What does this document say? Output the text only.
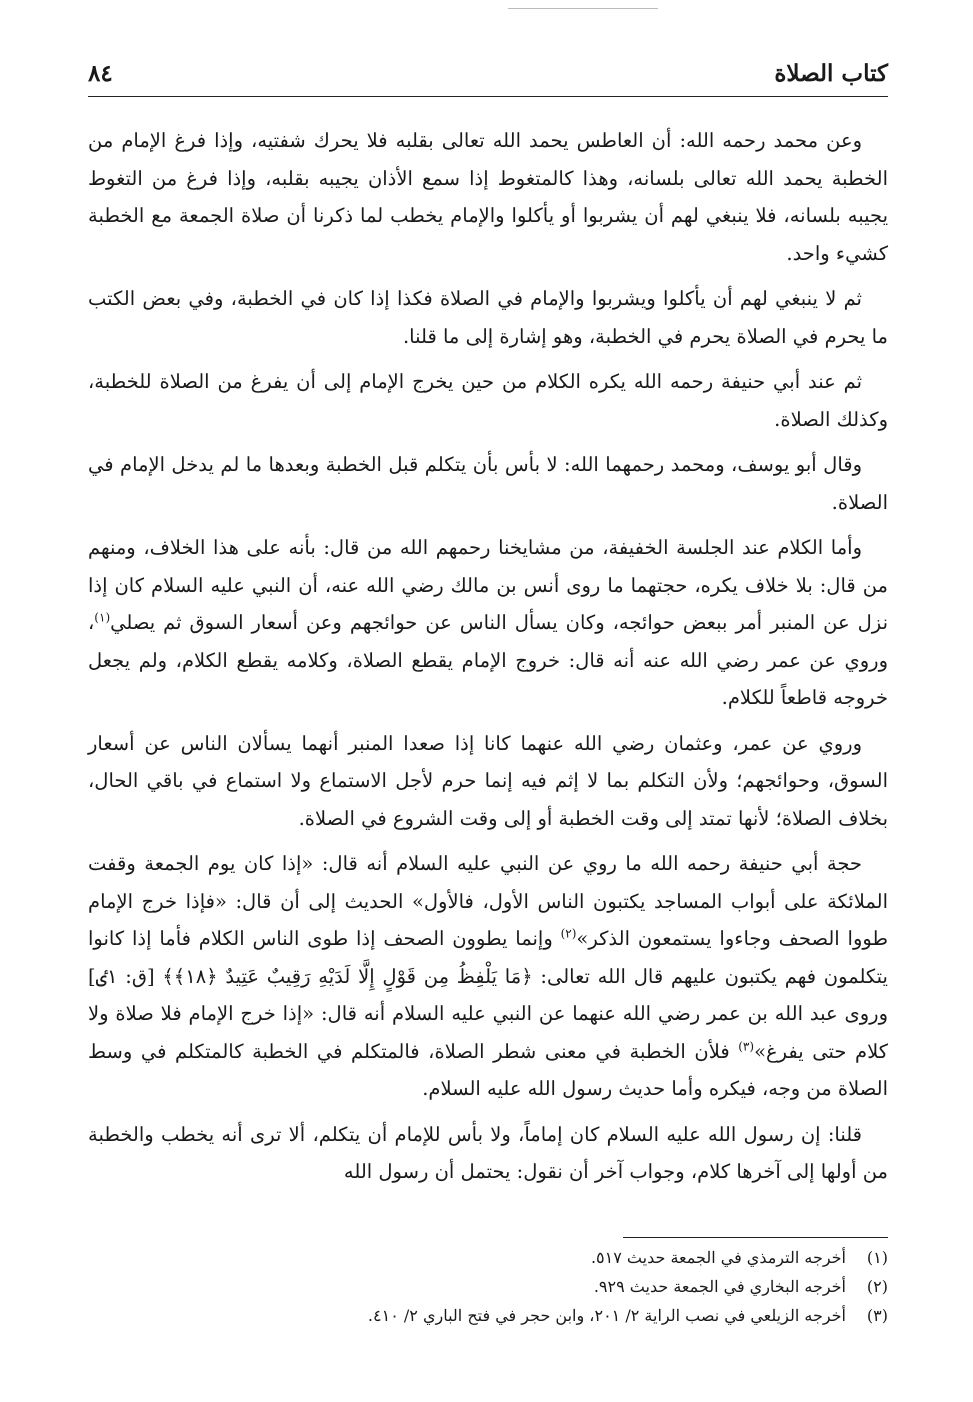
كتاب الصلاة
٨٤

وعن محمد رحمه الله: أن العاطس يحمد الله تعالى بقلبه فلا يحرك شفتيه، وإذا فرغ الإمام من الخطبة يحمد الله تعالى بلسانه، وهذا كالمتغوط إذا سمع الأذان يجيبه بقلبه، وإذا فرغ من التغوط يجيبه بلسانه، فلا ينبغي لهم أن يشربوا أو يأكلوا والإمام يخطب لما ذكرنا أن صلاة الجمعة مع الخطبة كشيء واحد.

ثم لا ينبغي لهم أن يأكلوا ويشربوا والإمام في الصلاة فكذا إذا كان في الخطبة، وفي بعض الكتب ما يحرم في الصلاة يحرم في الخطبة، وهو إشارة إلى ما قلنا.

ثم عند أبي حنيفة رحمه الله يكره الكلام من حين يخرج الإمام إلى أن يفرغ من الصلاة للخطبة، وكذلك الصلاة.

وقال أبو يوسف، ومحمد رحمهما الله: لا بأس بأن يتكلم قبل الخطبة وبعدها ما لم يدخل الإمام في الصلاة.

وأما الكلام عند الجلسة الخفيفة، من مشايخنا رحمهم الله من قال: بأنه على هذا الخلاف، ومنهم من قال: بلا خلاف يكره، حجتهما ما روى أنس بن مالك رضي الله عنه، أن النبي عليه السلام كان إذا نزل عن المنبر أمر ببعض حوائجه، وكان يسأل الناس عن حوائجهم وعن أسعار السوق ثم يصلي$^{(١)}$، وروي عن عمر رضي الله عنه أنه قال: خروج الإمام يقطع الصلاة، وكلامه يقطع الكلام، ولم يجعل خروجه قاطعاً للكلام.

وروي عن عمر، وعثمان رضي الله عنهما كانا إذا صعدا المنبر أنهما يسألان الناس عن أسعار السوق، وحوائجهم؛ ولأن التكلم بما لا إثم فيه إنما حرم لأجل الاستماع ولا استماع في باقي الحال، بخلاف الصلاة؛ لأنها تمتد إلى وقت الخطبة أو إلى وقت الشروع في الصلاة.

حجة أبي حنيفة رحمه الله ما روي عن النبي عليه السلام أنه قال: «إذا كان يوم الجمعة وقفت الملائكة على أبواب المساجد يكتبون الناس الأول، فالأول» الحديث إلى أن قال: «فإذا خرج الإمام طووا الصحف وجاءوا يستمعون الذكر»$^{(٢)}$ وإنما يطوون الصحف إذا طوى الناس الكلام فأما إذا كانوا يتكلمون فهم يكتبون عليهم قال الله تعالى: ﴿مَا يَلْفِظُ مِن قَوْلٍ إِلَّا لَدَيْهِ رَقِيبٌ عَتِيدٌ ﴿١٨﴾﴾ [ق: ١ٸ] وروى عبد الله بن عمر رضي الله عنهما عن النبي عليه السلام أنه قال: «إذا خرج الإمام فلا صلاة ولا كلام حتى يفرغ»$^{(٣)}$ فلأن الخطبة في معنى شطر الصلاة، فالمتكلم في الخطبة كالمتكلم في وسط الصلاة من وجه، فيكره وأما حديث رسول الله عليه السلام.

قلنا: إن رسول الله عليه السلام كان إماماً، ولا بأس للإمام أن يتكلم، ألا ترى أنه يخطب والخطبة من أولها إلى آخرها كلام، وجواب آخر أن نقول: يحتمل أن رسول الله

(١)
أخرجه الترمذي في الجمعة حديث ٥١٧.
(٢)
أخرجه البخاري في الجمعة حديث ٩٢٩.
(٣)
أخرجه الزيلعي في نصب الراية ٢/ ٢٠١، وابن حجر في فتح الباري ٢/ ٤١٠.
